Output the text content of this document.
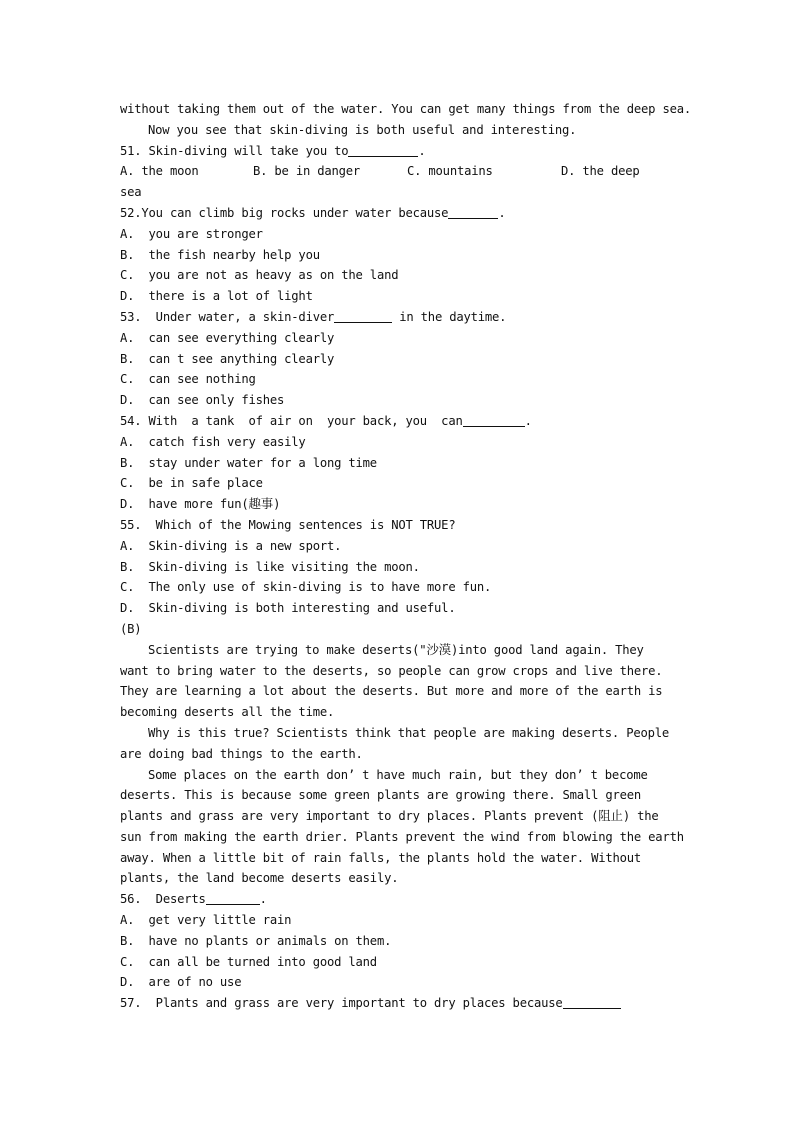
without taking them out of the water. You can get many things from the deep sea.
Now you see that skin-diving is both useful and interesting.
51. Skin-diving will take you to	.
A. the moon	B. be in danger	C. mountains	D. the deep
sea
52.You can climb big rocks under water because	.
A.  you are stronger
B.  the fish nearby help you
C.  you are not as heavy as on the land
D.  there is a lot of light
53.  Under water, a skin-diver	in the daytime.
A.  can see everything clearly
B.  can t see anything clearly
C.  can see nothing
D.  can see only fishes
54. With  a tank  of air on  your back, you  can	.
A.  catch fish very easily
B.  stay under water for a long time
C.  be in safe place
D.  have more fun(趣事)
55.  Which of the Mowing sentences is NOT TRUE?
A.  Skin-diving is a new sport.
B.  Skin-diving is like visiting the moon.
C.  The only use of skin-diving is to have more fun.
D.  Skin-diving is both interesting and useful.
(B)
Scientists are trying to make deserts("沙漠)into good land again. They
want to bring water to the deserts, so people can grow crops and live there.
They are learning a lot about the deserts. But more and more of the earth is
becoming deserts all the time.
Why is this true? Scientists think that people are making deserts. People
are doing bad things to the earth.
Some places on the earth don’ t have much rain, but they don’ t become
deserts. This is because some green plants are growing there. Small green
plants and grass are very important to dry places. Plants prevent (阻止) the
sun from making the earth drier. Plants prevent the wind from blowing the earth
away. When a little bit of rain falls, the plants hold the water. Without
plants, the land become deserts easily.
56.  Deserts	.
A.  get very little rain
B.  have no plants or animals on them.
C.  can all be turned into good land
D.  are of no use
57.  Plants and grass are very important to dry places because
